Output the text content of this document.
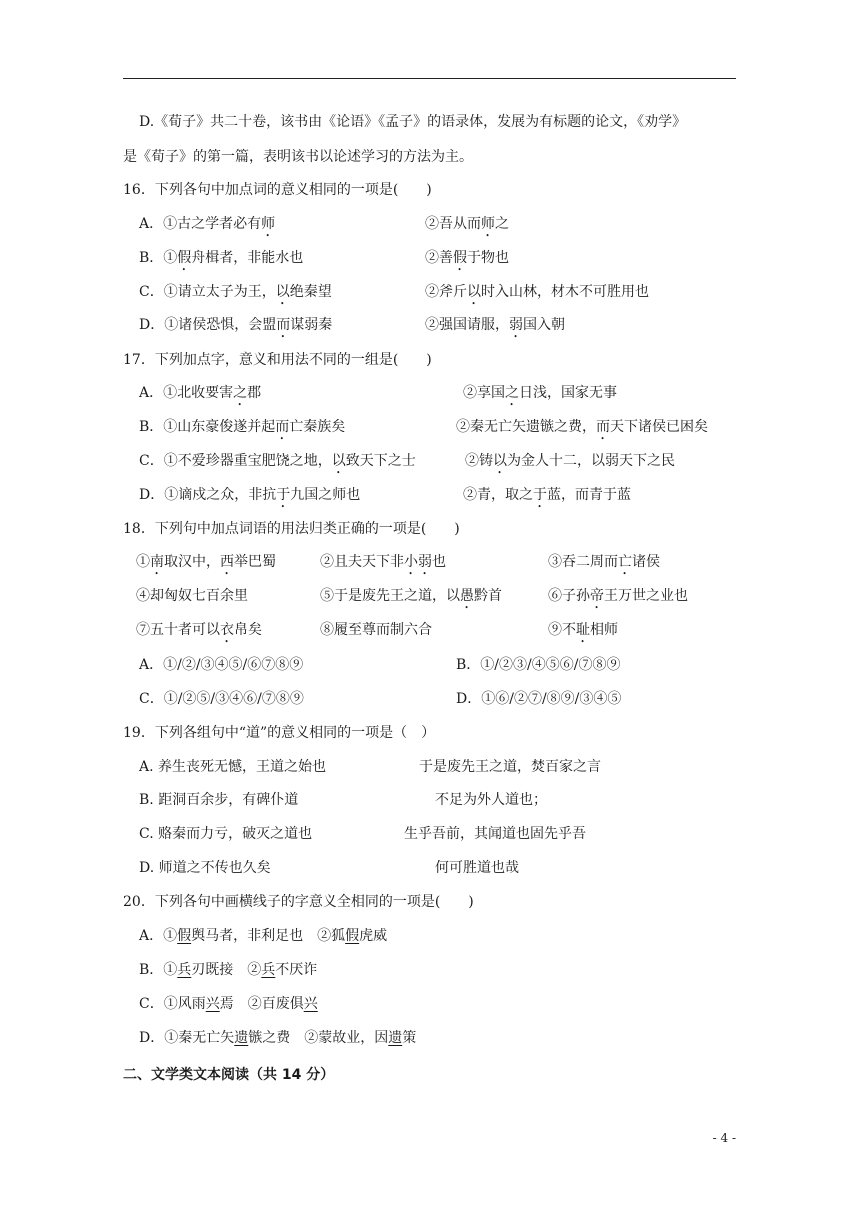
D.《荀子》共二十卷，该书由《论语》《孟子》的语录体，发展为有标题的论文，《劝学》
是《荀子》的第一篇，表明该书以论述学习的方法为主。
16．下列各句中加点词的意义相同的一项是(　　)
A．①古之学者必有师	②吾从而师之
B．①假舟楫者，非能水也	②善假于物也
C．①请立太子为王，以绝秦望	②斧斤以时入山林，材木不可胜用也
D．①诸侯恐惧，会盟而谋弱秦	②强国请服，弱国入朝
17．下列加点字，意义和用法不同的一组是(　　)
A．①北收要害之郡	②享国之日浅，国家无事
B．①山东豪俊遂并起而亡秦族矣	②秦无亡矢遗镞之费，而天下诸侯已困矣
C．①不爱珍器重宝肥饶之地，以致天下之士	②铸以为金人十二，以弱天下之民
D．①谪戍之众，非抗于九国之师也	②青，取之于蓝，而青于蓝
18．下列句中加点词语的用法归类正确的一项是(　　)
①南取汉中，西举巴蜀	②且夫天下非小弱也	③吞二周而亡诸侯
④却匈奴七百余里	⑤于是废先王之道，以愚黔首	⑥子孙帝王万世之业也
⑦五十者可以衣帛矣	⑧履至尊而制六合	⑨不耻相师
A．①/②/③④⑤/⑥⑦⑧⑨	B．①/②③/④⑤⑥/⑦⑧⑨
C．①/②⑤/③④⑥/⑦⑧⑨	D．①⑥/②⑦/⑧⑨/③④⑤
19．下列各组句中“道”的意义相同的一项是（　）
A. 养生丧死无憾，王道之始也	于是废先王之道，焚百家之言
B. 距洞百余步，有碑仆道	不足为外人道也；
C. 赂秦而力亏，破灭之道也	生乎吾前，其闻道也固先乎吾
D. 师道之不传也久矣	何可胜道也哉
20．下列各句中画横线子的字意义全相同的一项是(　　)
A．①假舆马者，非利足也　②狐假虎威
B．①兵刃既接　②兵不厌诈
C．①风雨兴焉　②百废俱兴
D．①秦无亡矢遗镞之费　②蒙故业，因遗策
二、文学类文本阅读（共 14 分）
- 4 -
